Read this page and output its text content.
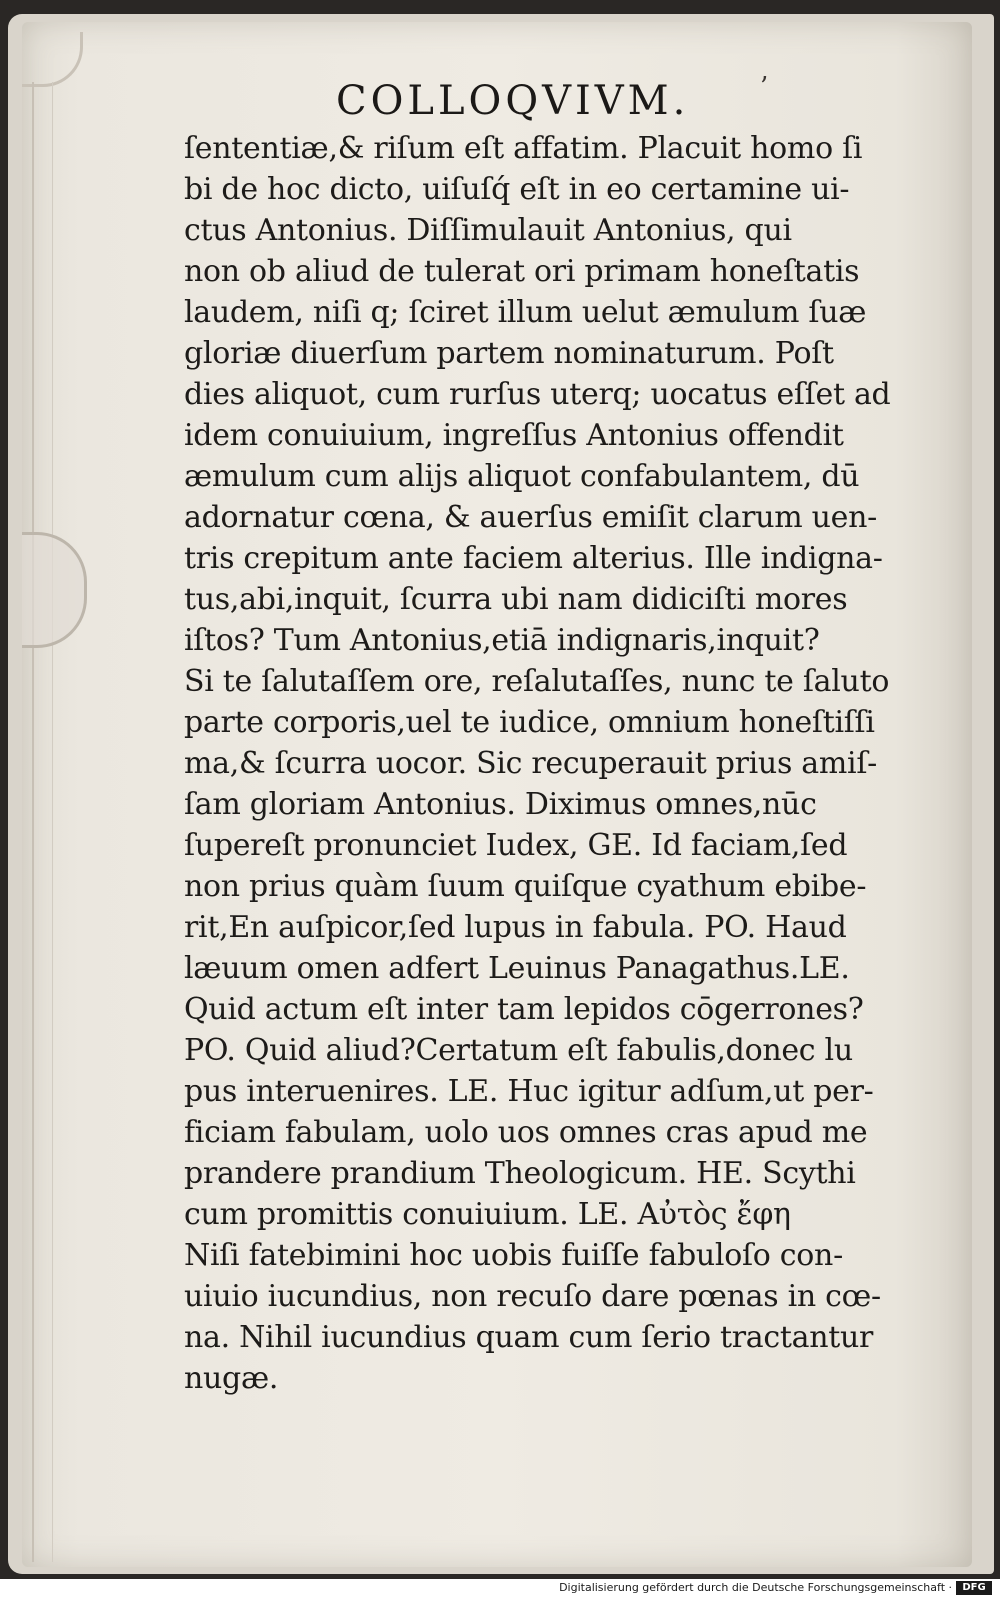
COLLOQVIVM.	’
ſententiæ,& riſum eſt affatim. Placuit homo ſi
bi de hoc dicto, uiſuſq́ eſt in eo certamine ui-
ctus Antonius. Diſſimulauit Antonius, qui
non ob aliud de tulerat ori primam honeſtatis
laudem, niſi q; ſciret illum uelut æmulum ſuæ
gloriæ diuerſum partem nominaturum. Poſt
dies aliquot, cum rurſus uterq; uocatus eſſet ad
idem conuiuium, ingreſſus Antonius offendit
æmulum cum alijs aliquot confabulantem, dū
adornatur cœna, & auerſus emiſit clarum uen-
tris crepitum ante faciem alterius. Ille indigna-
tus,abi,inquit, ſcurra ubi nam didiciſti mores
iſtos? Tum Antonius,etiā indignaris,inquit?
Si te ſalutaſſem ore, reſalutaſſes, nunc te ſaluto
parte corporis,uel te iudice, omnium honeſtiſſi
ma,& ſcurra uocor. Sic recuperauit prius amiſ-
ſam gloriam Antonius. Diximus omnes,nūc
ſupereſt pronunciet Iudex, GE. Id faciam,ſed
non prius quàm ſuum quiſque cyathum ebibe-
rit,En auſpicor,ſed lupus in fabula. PO. Haud
læuum omen adfert Leuinus Panagathus.LE.
Quid actum eſt inter tam lepidos cōgerrones?
PO. Quid aliud?Certatum eſt fabulis,donec lu
pus interuenires. LE. Huc igitur adſum,ut per-
ficiam fabulam, uolo uos omnes cras apud me
prandere prandium Theologicum. HE. Scythi
cum promittis conuiuium. LE. Αὐτὸς ἔφη
Niſi fatebimini hoc uobis fuiſſe fabuloſo con-
uiuio iucundius, non recuſo dare pœnas in cœ-
na. Nihil iucundius quam cum ſerio tractantur
nugæ.
Digitalisierung gefördert durch die Deutsche Forschungsgemeinschaft ·	DFG
